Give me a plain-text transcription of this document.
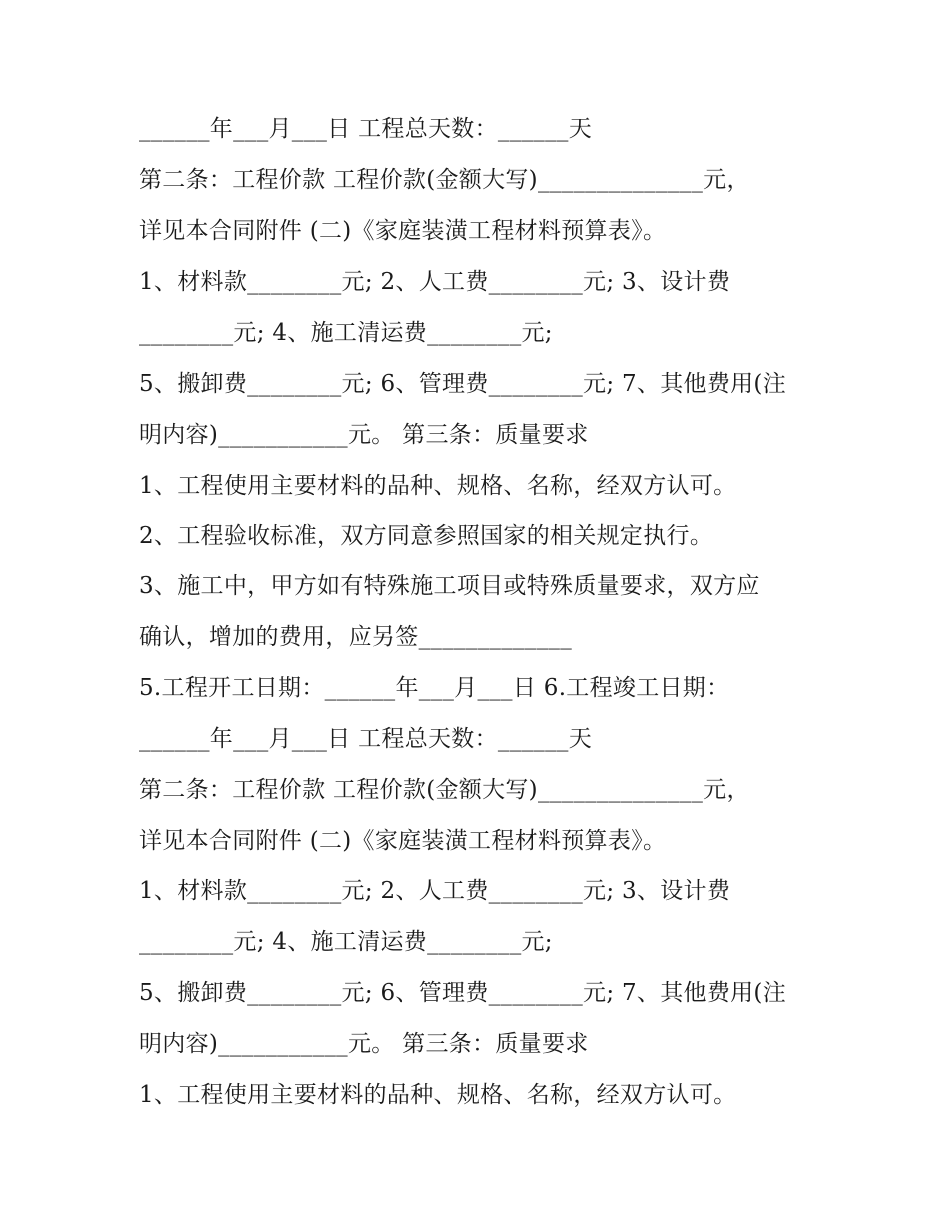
______年___月___日 工程总天数：______天
第二条：工程价款 工程价款(金额大写)______________元，
详见本合同附件 (二)《家庭装潢工程材料预算表》。
1、材料款________元; 2、人工费________元; 3、设计费
________元; 4、施工清运费________元;
5、搬卸费________元; 6、管理费________元; 7、其他费用(注
明内容)___________元。 第三条：质量要求
1、工程使用主要材料的品种、规格、名称，经双方认可。
2、工程验收标准，双方同意参照国家的相关规定执行。
3、施工中，甲方如有特殊施工项目或特殊质量要求，双方应
确认，增加的费用，应另签_____________
5.工程开工日期：______年___月___日 6.工程竣工日期：
______年___月___日 工程总天数：______天
第二条：工程价款 工程价款(金额大写)______________元，
详见本合同附件 (二)《家庭装潢工程材料预算表》。
1、材料款________元; 2、人工费________元; 3、设计费
________元; 4、施工清运费________元;
5、搬卸费________元; 6、管理费________元; 7、其他费用(注
明内容)___________元。 第三条：质量要求
1、工程使用主要材料的品种、规格、名称，经双方认可。
